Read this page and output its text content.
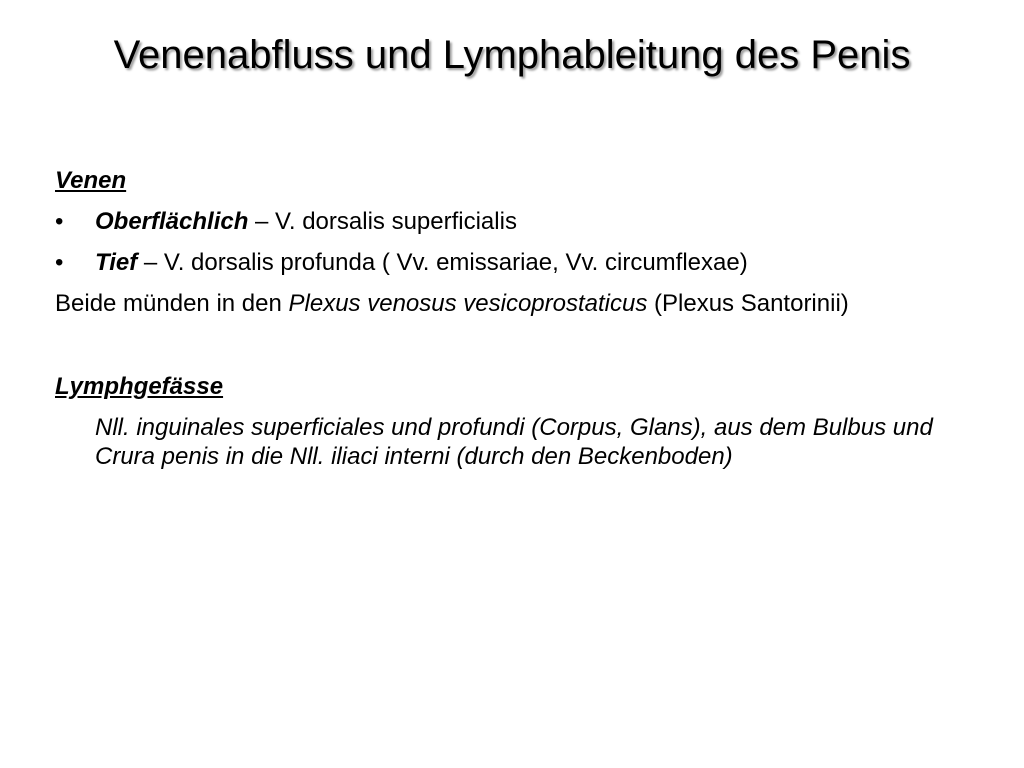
Venenabfluss und Lymphableitung des Penis
Venen
• Oberflächlich – V. dorsalis superficialis
• Tief – V. dorsalis profunda ( Vv. emissariae, Vv. circumflexae)
Beide münden in den Plexus venosus vesicoprostaticus (Plexus Santorinii)
Lymphgefässe
Nll. inguinales superficiales und profundi (Corpus, Glans), aus dem Bulbus und Crura penis in die Nll. iliaci interni (durch den Beckenboden)
